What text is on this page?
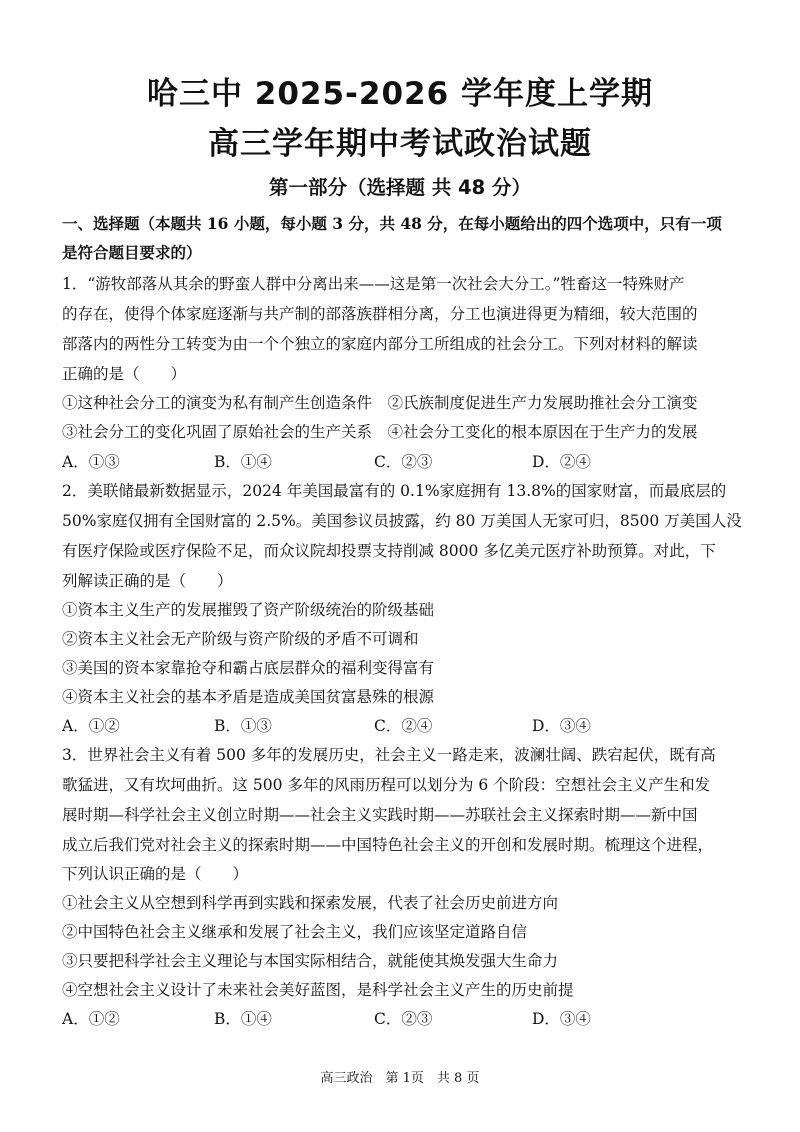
哈三中 2025-2026 学年度上学期
高三学年期中考试政治试题
第一部分（选择题 共 48 分）
一、选择题（本题共 16 小题，每小题 3 分，共 48 分，在每小题给出的四个选项中，只有一项
是符合题目要求的）
1．“游牧部落从其余的野蛮人群中分离出来——这是第一次社会大分工。”牲畜这一特殊财产
的存在，使得个体家庭逐渐与共产制的部落族群相分离，分工也演进得更为精细，较大范围的
部落内的两性分工转变为由一个个独立的家庭内部分工所组成的社会分工。下列对材料的解读
正确的是（　　）
①这种社会分工的演变为私有制产生创造条件　②氏族制度促进生产力发展助推社会分工演变
③社会分工的变化巩固了原始社会的生产关系　④社会分工变化的根本原因在于生产力的发展
A．①③	B．①④	C．②③	D．②④
2．美联储最新数据显示，2024 年美国最富有的 0.1%家庭拥有 13.8%的国家财富，而最底层的
50%家庭仅拥有全国财富的 2.5%。美国参议员披露，约 80 万美国人无家可归，8500 万美国人没
有医疗保险或医疗保险不足，而众议院却投票支持削减 8000 多亿美元医疗补助预算。对此，下
列解读正确的是（　　）
①资本主义生产的发展摧毁了资产阶级统治的阶级基础
②资本主义社会无产阶级与资产阶级的矛盾不可调和
③美国的资本家靠抢夺和霸占底层群众的福利变得富有
④资本主义社会的基本矛盾是造成美国贫富悬殊的根源
A．①②	B．①③	C．②④	D．③④
3．世界社会主义有着 500 多年的发展历史，社会主义一路走来，波澜壮阔、跌宕起伏，既有高
歌猛进，又有坎坷曲折。这 500 多年的风雨历程可以划分为 6 个阶段：空想社会主义产生和发
展时期—科学社会主义创立时期——社会主义实践时期——苏联社会主义探索时期——新中国
成立后我们党对社会主义的探索时期——中国特色社会主义的开创和发展时期。梳理这个进程，
下列认识正确的是（　　）
①社会主义从空想到科学再到实践和探索发展，代表了社会历史前进方向
②中国特色社会主义继承和发展了社会主义，我们应该坚定道路自信
③只要把科学社会主义理论与本国实际相结合，就能使其焕发强大生命力
④空想社会主义设计了未来社会美好蓝图，是科学社会主义产生的历史前提
A．①②	B．①④	C．②③	D．③④
高三政治　第 1页　共 8 页
